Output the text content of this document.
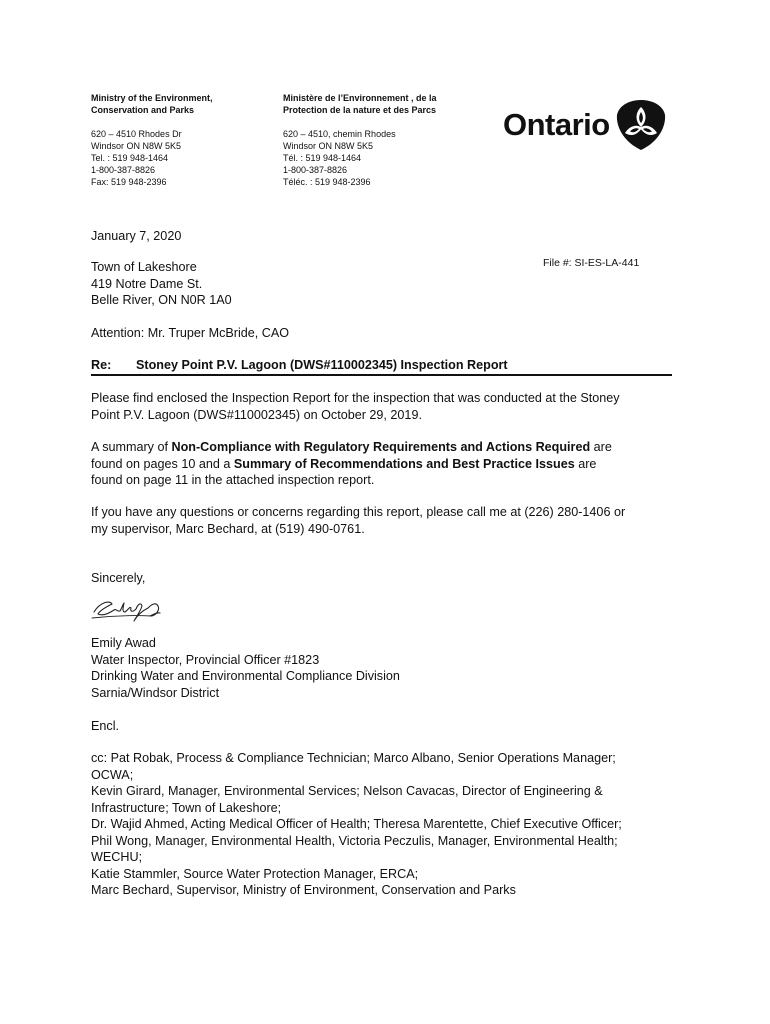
Ministry of the Environment,
Conservation and Parks
620 – 4510 Rhodes Dr
Windsor ON N8W 5K5
Tel. : 519 948-1464
1-800-387-8826
Fax: 519 948-2396
Ministère de l’Environnement , de la
Protection de la nature et des Parcs
620 – 4510, chemin Rhodes
Windsor ON N8W 5K5
Tél. : 519 948-1464
1-800-387-8826
Téléc. : 519 948-2396
Ontario
January 7, 2020
Town of Lakeshore
419 Notre Dame St.
Belle River, ON N0R 1A0
File #: SI-ES-LA-441
Attention: Mr. Truper McBride, CAO
Re: Stoney Point P.V. Lagoon (DWS#110002345) Inspection Report
Please find enclosed the Inspection Report for the inspection that was conducted at the Stoney
Point P.V. Lagoon (DWS#110002345) on October 29, 2019.
A summary of Non-Compliance with Regulatory Requirements and Actions Required are
found on pages 10 and a Summary of Recommendations and Best Practice Issues are
found on page 11 in the attached inspection report.
If you have any questions or concerns regarding this report, please call me at (226) 280-1406 or
my supervisor, Marc Bechard, at (519) 490-0761.
Sincerely,
Emily Awad
Water Inspector, Provincial Officer #1823
Drinking Water and Environmental Compliance Division
Sarnia/Windsor District
Encl.
cc: Pat Robak, Process & Compliance Technician; Marco Albano, Senior Operations Manager;
OCWA;
Kevin Girard, Manager, Environmental Services; Nelson Cavacas, Director of Engineering &
Infrastructure; Town of Lakeshore;
Dr. Wajid Ahmed, Acting Medical Officer of Health; Theresa Marentette, Chief Executive Officer;
Phil Wong, Manager, Environmental Health, Victoria Peczulis, Manager, Environmental Health;
WECHU;
Katie Stammler, Source Water Protection Manager, ERCA;
Marc Bechard, Supervisor, Ministry of Environment, Conservation and Parks
